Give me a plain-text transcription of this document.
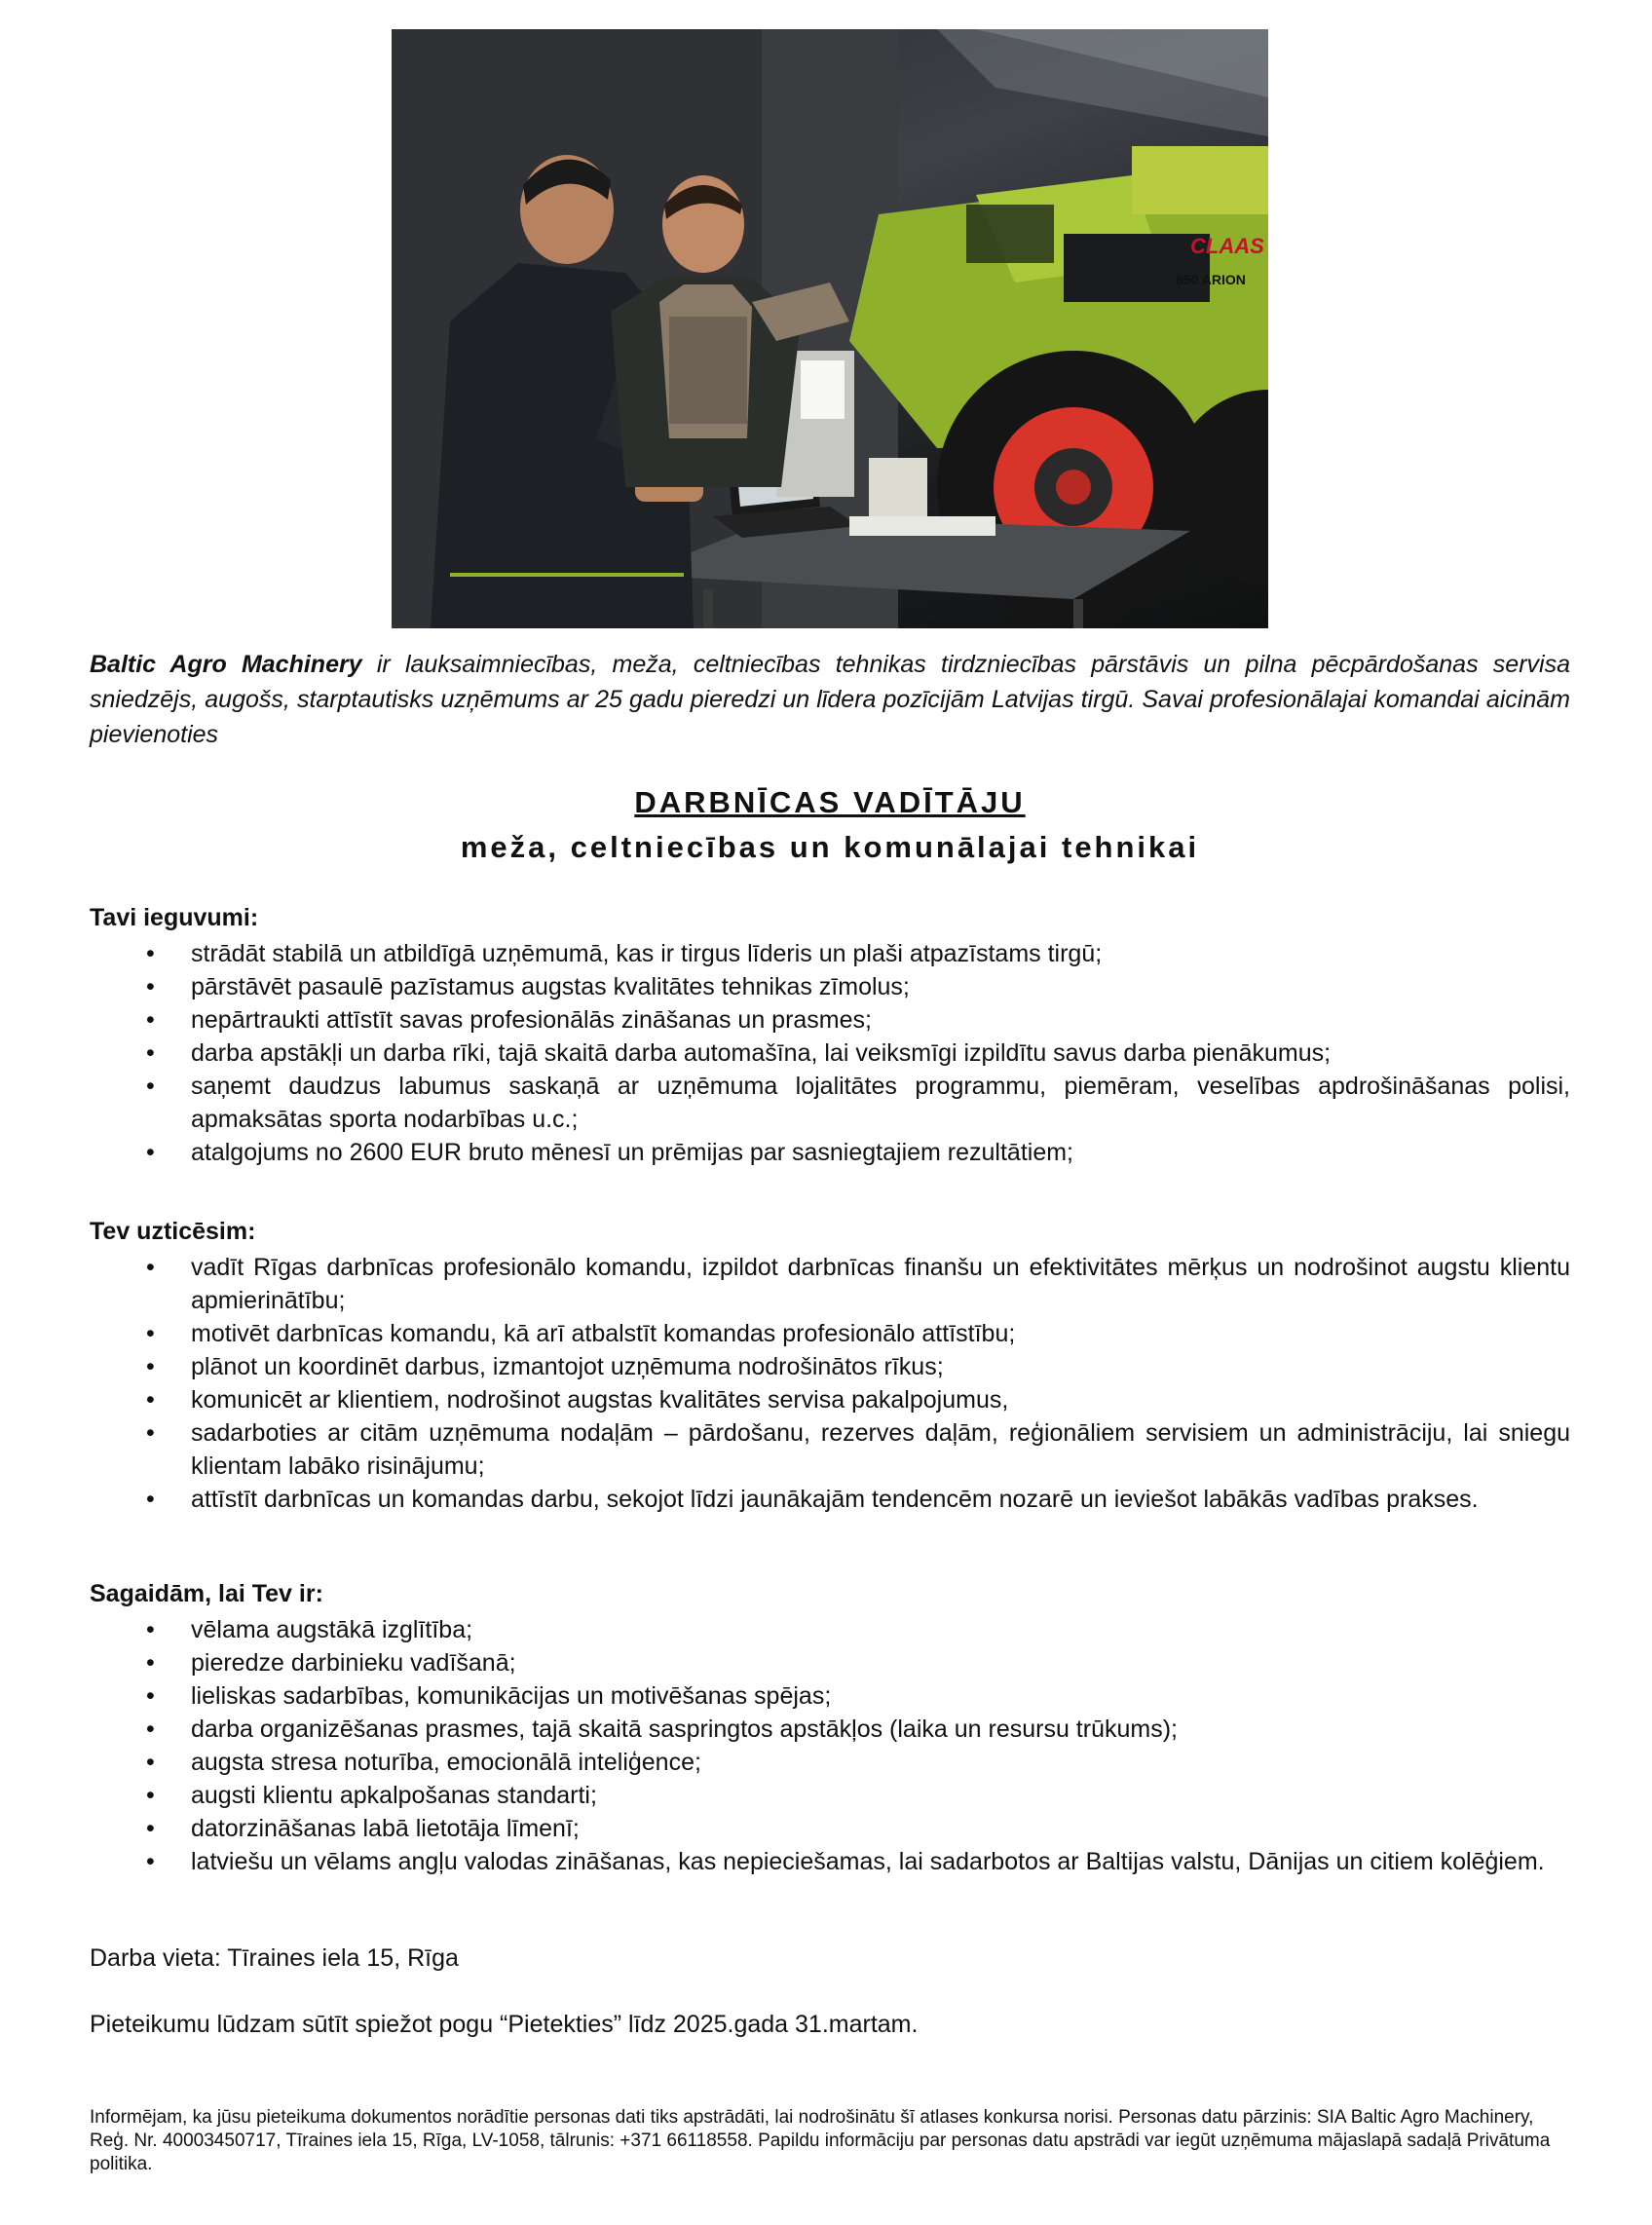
CLAAS
650 ARION
Baltic Agro Machinery ir lauksaimniecības, meža, celtniecības tehnikas tirdzniecības pārstāvis un pilna pēcpārdošanas servisa sniedzējs, augošs, starptautisks uzņēmums ar 25 gadu pieredzi un līdera pozīcijām Latvijas tirgū. Savai profesionālajai komandai aicinām pievienoties
DARBNĪCAS VADĪTĀJU
meža, celtniecības un komunālajai tehnikai
Tavi ieguvumi:
• strādāt stabilā un atbildīgā uzņēmumā, kas ir tirgus līderis un plaši atpazīstams tirgū;
• pārstāvēt pasaulē pazīstamus augstas kvalitātes tehnikas zīmolus;
• nepārtraukti attīstīt savas profesionālās zināšanas un prasmes;
• darba apstākļi un darba rīki, tajā skaitā darba automašīna, lai veiksmīgi izpildītu savus darba pienākumus;
• saņemt daudzus labumus saskaņā ar uzņēmuma lojalitātes programmu, piemēram, veselības apdrošināšanas polisi, apmaksātas sporta nodarbības u.c.;
• atalgojums no 2600 EUR bruto mēnesī un prēmijas par sasniegtajiem rezultātiem;
Tev uzticēsim:
• vadīt Rīgas darbnīcas profesionālo komandu, izpildot darbnīcas finanšu un efektivitātes mērķus un nodrošinot augstu klientu apmierinātību;
• motivēt darbnīcas komandu, kā arī atbalstīt komandas profesionālo attīstību;
• plānot un koordinēt darbus, izmantojot uzņēmuma nodrošinātos rīkus;
• komunicēt ar klientiem, nodrošinot augstas kvalitātes servisa pakalpojumus,
• sadarboties ar citām uzņēmuma nodaļām – pārdošanu, rezerves daļām, reģionāliem servisiem un administrāciju, lai sniegu klientam labāko risinājumu;
• attīstīt darbnīcas un komandas darbu, sekojot līdzi jaunākajām tendencēm nozarē un ieviešot labākās vadības prakses.
Sagaidām, lai Tev ir:
• vēlama augstākā izglītība;
• pieredze darbinieku vadīšanā;
• lieliskas sadarbības, komunikācijas un motivēšanas spējas;
• darba organizēšanas prasmes, tajā skaitā saspringtos apstākļos (laika un resursu trūkums);
• augsta stresa noturība, emocionālā inteliģence;
• augsti klientu apkalpošanas standarti;
• datorzināšanas labā lietotāja līmenī;
• latviešu un vēlams angļu valodas zināšanas, kas nepieciešamas, lai sadarbotos ar Baltijas valstu, Dānijas un citiem kolēģiem.
Darba vieta: Tīraines iela 15, Rīga
Pieteikumu lūdzam sūtīt spiežot pogu “Pietekties” līdz 2025.gada 31.martam.
Informējam, ka jūsu pieteikuma dokumentos norādītie personas dati tiks apstrādāti, lai nodrošinātu šī atlases konkursa norisi. Personas datu pārzinis: SIA Baltic Agro Machinery, Reģ. Nr. 40003450717, Tīraines iela 15, Rīga, LV-1058, tālrunis: +371 66118558. Papildu informāciju par personas datu apstrādi var iegūt uzņēmuma mājaslapā sadaļā Privātuma politika.
